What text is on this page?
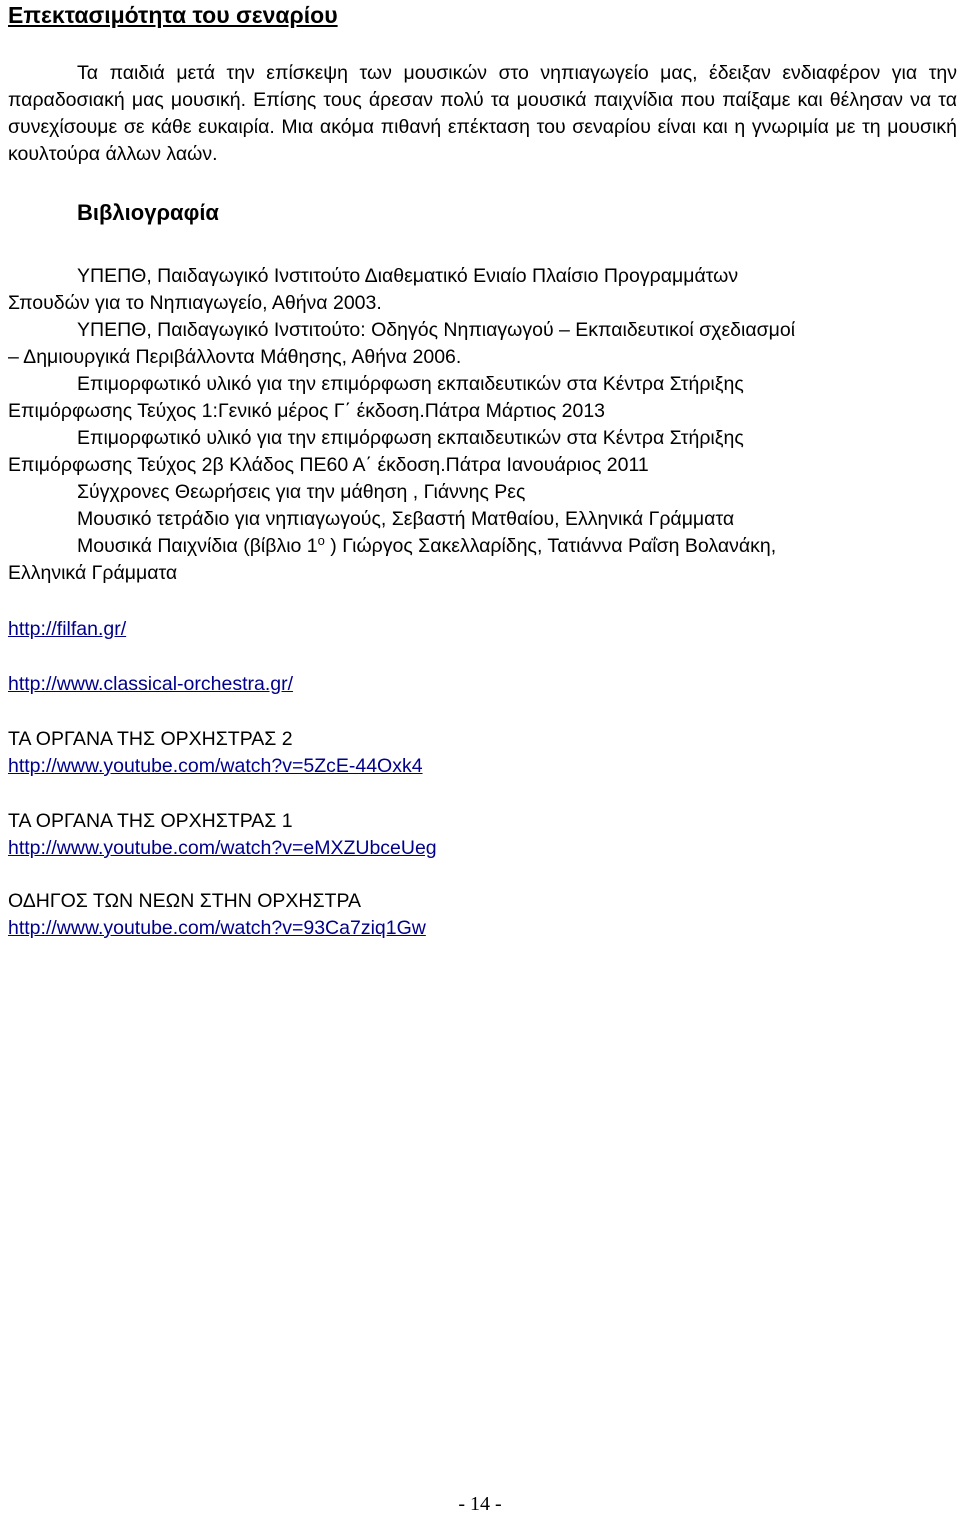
Επεκτασιμότητα του σεναρίου

Τα παιδιά μετά την επίσκεψη των μουσικών στο νηπιαγωγείο μας, έδειξαν ενδιαφέρον για την παραδοσιακή μας μουσική. Επίσης τους άρεσαν πολύ τα μουσικά παιχνίδια που παίξαμε και θέλησαν να τα συνεχίσουμε σε κάθε ευκαιρία. Μια ακόμα πιθανή επέκταση του σεναρίου είναι και η γνωριμία με τη μουσική κουλτούρα άλλων λαών.

Βιβλιογραφία
ΥΠΕΠΘ, Παιδαγωγικό Ινστιτούτο Διαθεματικό Ενιαίο Πλαίσιο Προγραμμάτων
Σπουδών για το Νηπιαγωγείο, Αθήνα 2003.
ΥΠΕΠΘ, Παιδαγωγικό Ινστιτούτο: Οδηγός Νηπιαγωγού – Εκπαιδευτικοί σχεδιασμοί
– Δημιουργικά Περιβάλλοντα Μάθησης, Αθήνα 2006.
Επιμορφωτικό υλικό για την επιμόρφωση εκπαιδευτικών στα Κέντρα Στήριξης
Επιμόρφωσης Τεύχος 1:Γενικό μέρος Γ΄ έκδοση.Πάτρα Μάρτιος 2013
Επιμορφωτικό υλικό για την επιμόρφωση εκπαιδευτικών στα Κέντρα Στήριξης
Επιμόρφωσης Τεύχος 2β Κλάδος ΠΕ60 Α΄ έκδοση.Πάτρα Ιανουάριος 2011
Σύγχρονες Θεωρήσεις για την μάθηση , Γιάννης Ρες
Μουσικό τετράδιο για νηπιαγωγούς, Σεβαστή Ματθαίου, Ελληνικά Γράμματα
Μουσικά Παιχνίδια (βίβλιο $1^o$ ) Γιώργος Σακελλαρίδης, Τατιάννα Ραΐση Βολανάκη,
Ελληνικά Γράμματα
http://filfan.gr/
http://www.classical-orchestra.gr/
ΤΑ ΟΡΓΑΝΑ ΤΗΣ ΟΡΧΗΣΤΡΑΣ 2
http://www.youtube.com/watch?v=5ZcE-44Oxk4
ΤΑ ΟΡΓΑΝΑ ΤΗΣ ΟΡΧΗΣΤΡΑΣ 1
http://www.youtube.com/watch?v=eMXZUbceUeg
ΟΔΗΓΟΣ ΤΩΝ ΝΕΩΝ ΣΤΗΝ ΟΡΧΗΣΤΡΑ
http://www.youtube.com/watch?v=93Ca7ziq1Gw
- 14 -
